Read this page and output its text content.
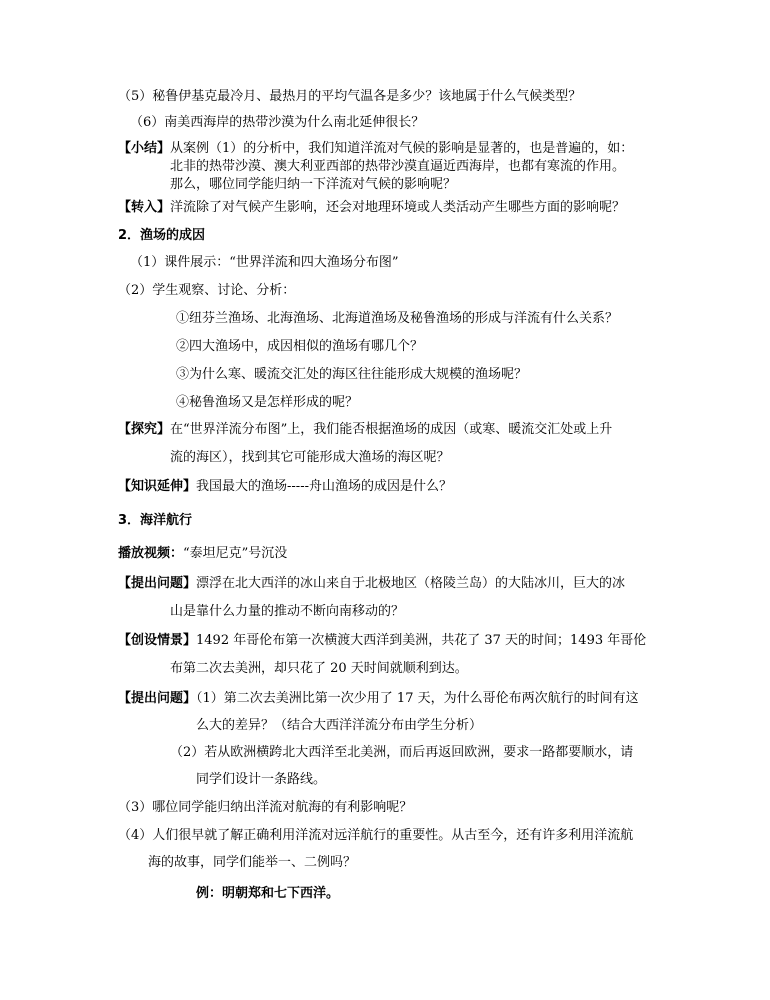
（5）秘鲁伊基克最冷月、最热月的平均气温各是多少？该地属于什么气候类型？
（6）南美西海岸的热带沙漠为什么南北延伸很长？
【小结】从案例（1）的分析中，我们知道洋流对气候的影响是显著的，也是普遍的，如：
北非的热带沙漠、澳大利亚西部的热带沙漠直逼近西海岸，也都有寒流的作用。
那么，哪位同学能归纳一下洋流对气候的影响呢？
【转入】洋流除了对气候产生影响，还会对地理环境或人类活动产生哪些方面的影响呢？
2．渔场的成因
（1）课件展示：“世界洋流和四大渔场分布图”
（2）学生观察、讨论、分析：
①纽芬兰渔场、北海渔场、北海道渔场及秘鲁渔场的形成与洋流有什么关系？
②四大渔场中，成因相似的渔场有哪几个？
③为什么寒、暖流交汇处的海区往往能形成大规模的渔场呢？
④秘鲁渔场又是怎样形成的呢？
【探究】在“世界洋流分布图”上，我们能否根据渔场的成因（或寒、暖流交汇处或上升
流的海区），找到其它可能形成大渔场的海区呢？
【知识延伸】我国最大的渔场-----舟山渔场的成因是什么？
3．海洋航行
播放视频：“泰坦尼克”号沉没
【提出问题】漂浮在北大西洋的冰山来自于北极地区（格陵兰岛）的大陆冰川，巨大的冰
山是靠什么力量的推动不断向南移动的？
【创设情景】1492 年哥伦布第一次横渡大西洋到美洲，共花了 37 天的时间；1493 年哥伦
布第二次去美洲，却只花了 20 天时间就顺利到达。
【提出问题】（1）第二次去美洲比第一次少用了 17 天，为什么哥伦布两次航行的时间有这
么大的差异？（结合大西洋洋流分布由学生分析）
（2）若从欧洲横跨北大西洋至北美洲，而后再返回欧洲，要求一路都要顺水，请
同学们设计一条路线。
（3）哪位同学能归纳出洋流对航海的有利影响呢？
（4）人们很早就了解正确利用洋流对远洋航行的重要性。从古至今，还有许多利用洋流航
海的故事，同学们能举一、二例吗？
例：明朝郑和七下西洋。
